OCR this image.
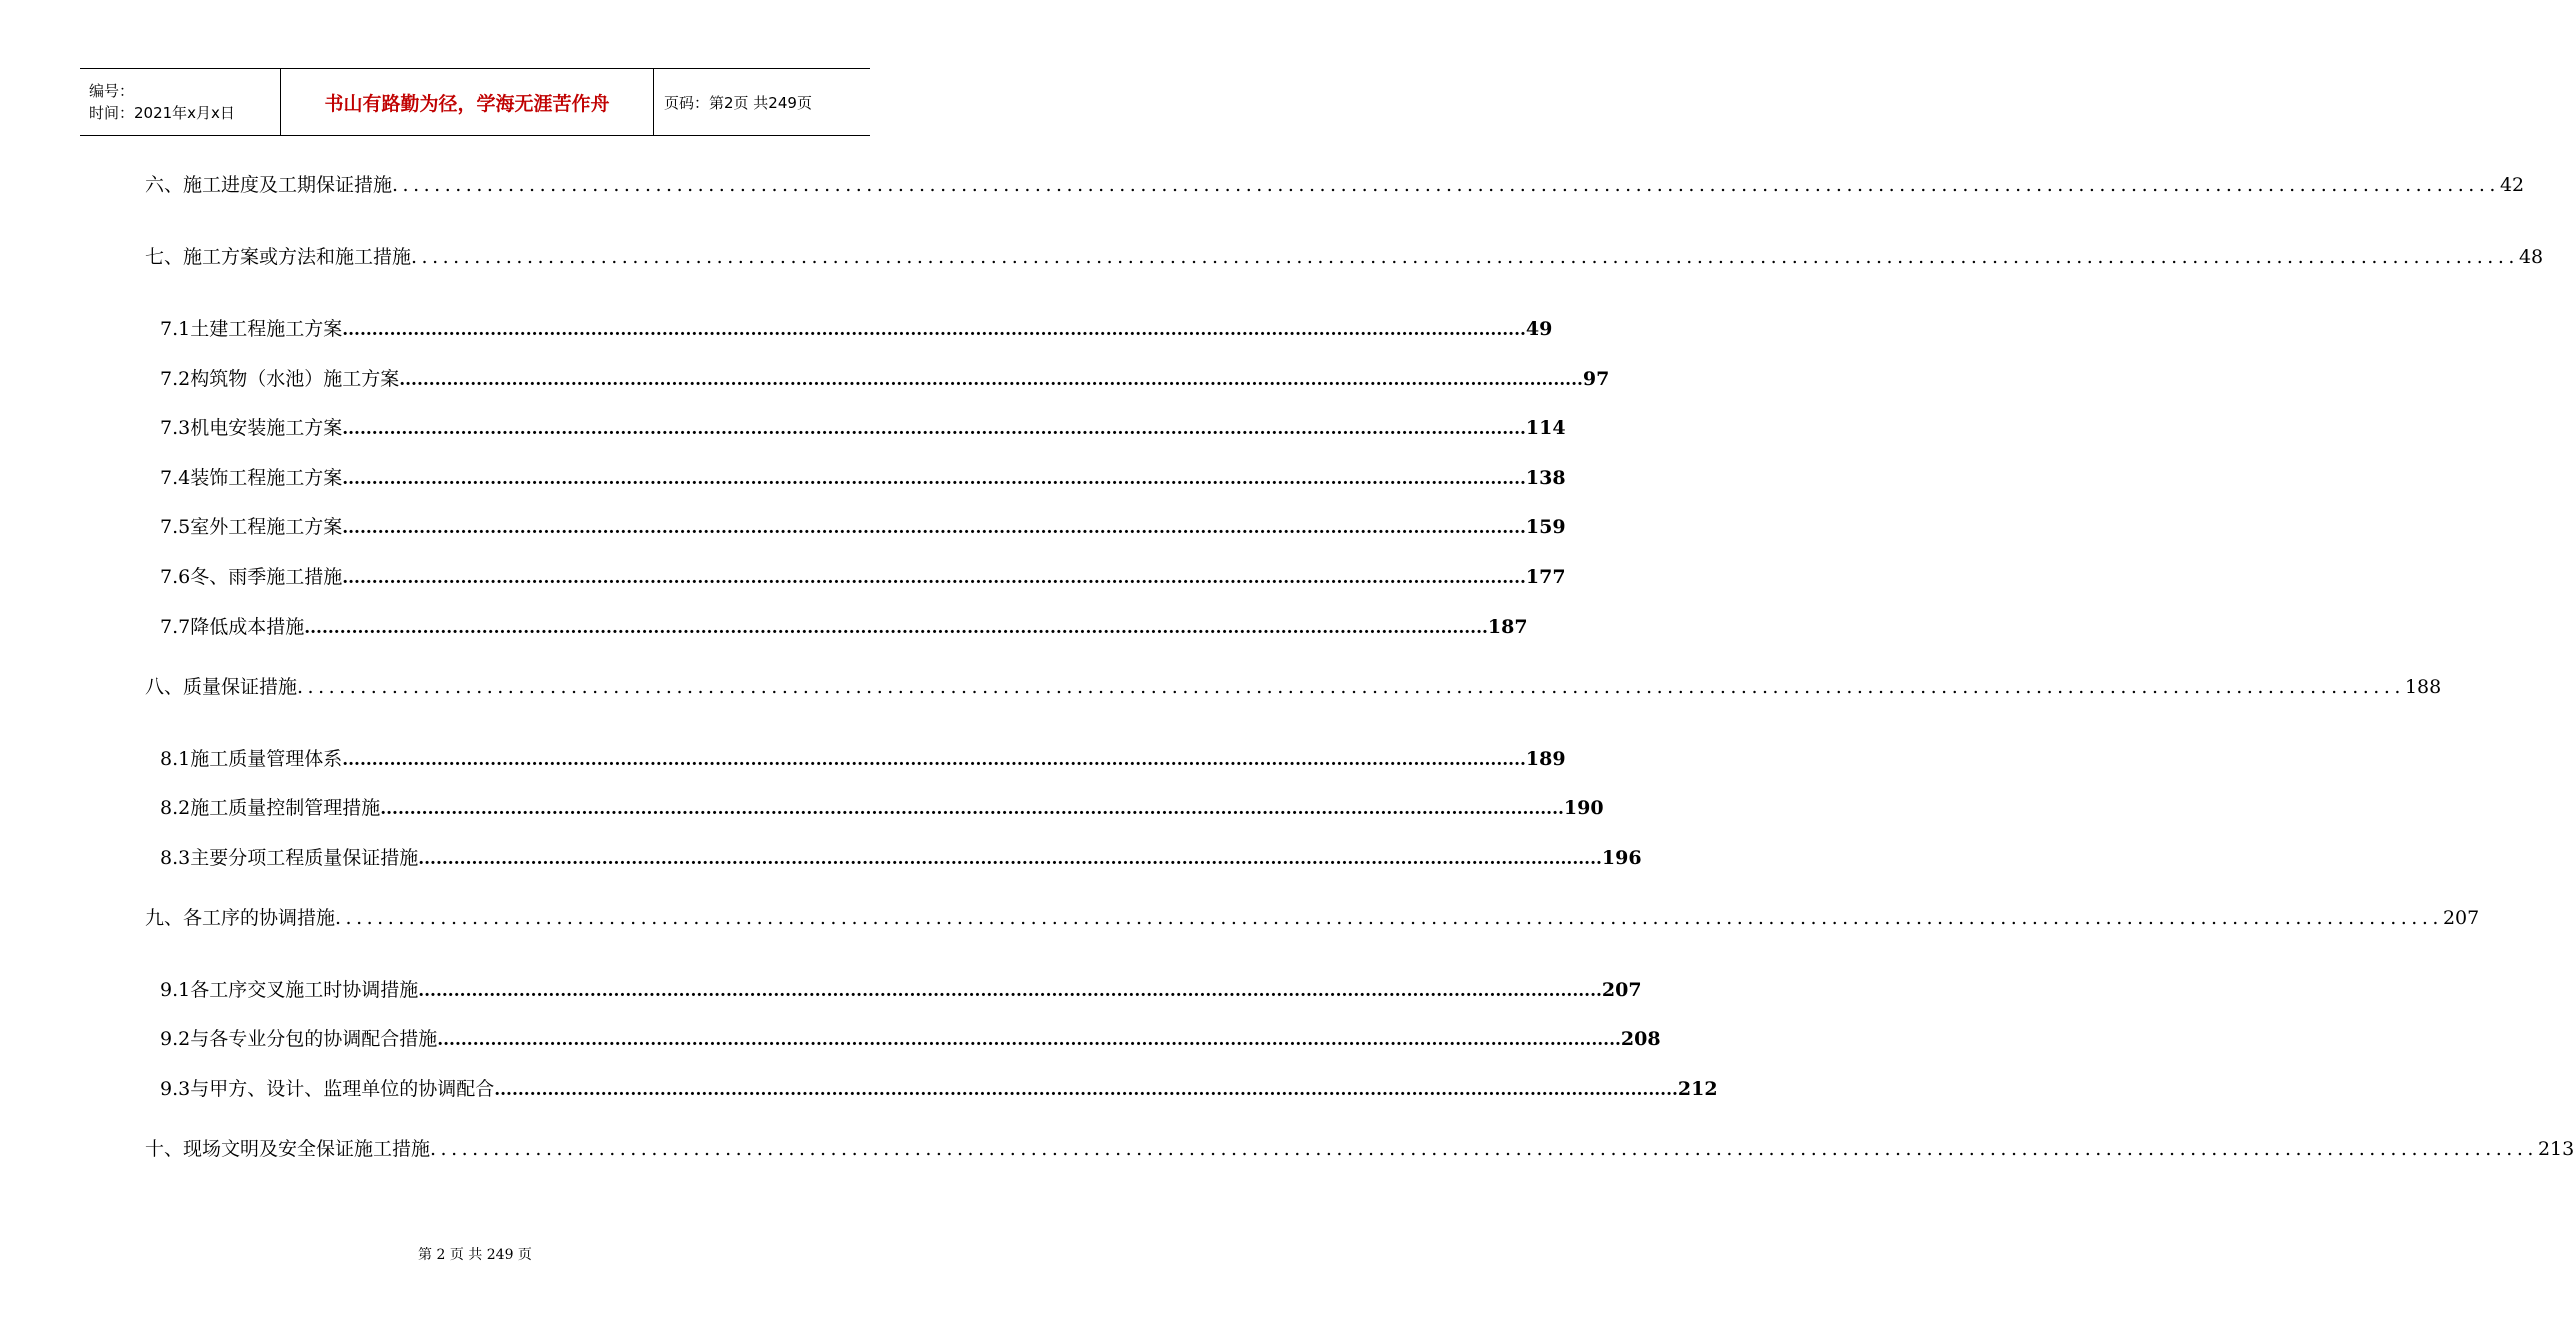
编号：
时间：2021年x月x日	书山有路勤为径，学海无涯苦作舟	页码：第2页 共249页
六、施工进度及工期保证措施 ........................................................................................................................................................................................................ 42
七、施工方案或方法和施工措施 ........................................................................................................................................................................................................ 48
7.1土建工程施工方案 ........................................................................................................................................................................................................ 49
7.2构筑物（水池）施工方案 ........................................................................................................................................................................................................ 97
7.3机电安装施工方案 ........................................................................................................................................................................................................ 114
7.4装饰工程施工方案 ........................................................................................................................................................................................................ 138
7.5室外工程施工方案 ........................................................................................................................................................................................................ 159
7.6冬、雨季施工措施 ........................................................................................................................................................................................................ 177
7.7降低成本措施 ........................................................................................................................................................................................................ 187
八、质量保证措施 ........................................................................................................................................................................................................ 188
8.1施工质量管理体系 ........................................................................................................................................................................................................ 189
8.2施工质量控制管理措施 ........................................................................................................................................................................................................ 190
8.3主要分项工程质量保证措施 ........................................................................................................................................................................................................ 196
九、各工序的协调措施 ........................................................................................................................................................................................................ 207
9.1各工序交叉施工时协调措施 ........................................................................................................................................................................................................ 207
9.2与各专业分包的协调配合措施 ........................................................................................................................................................................................................ 208
9.3与甲方、设计、监理单位的协调配合 ........................................................................................................................................................................................................ 212
十、现场文明及安全保证施工措施 ........................................................................................................................................................................................................ 213
第 2 页 共 249 页
